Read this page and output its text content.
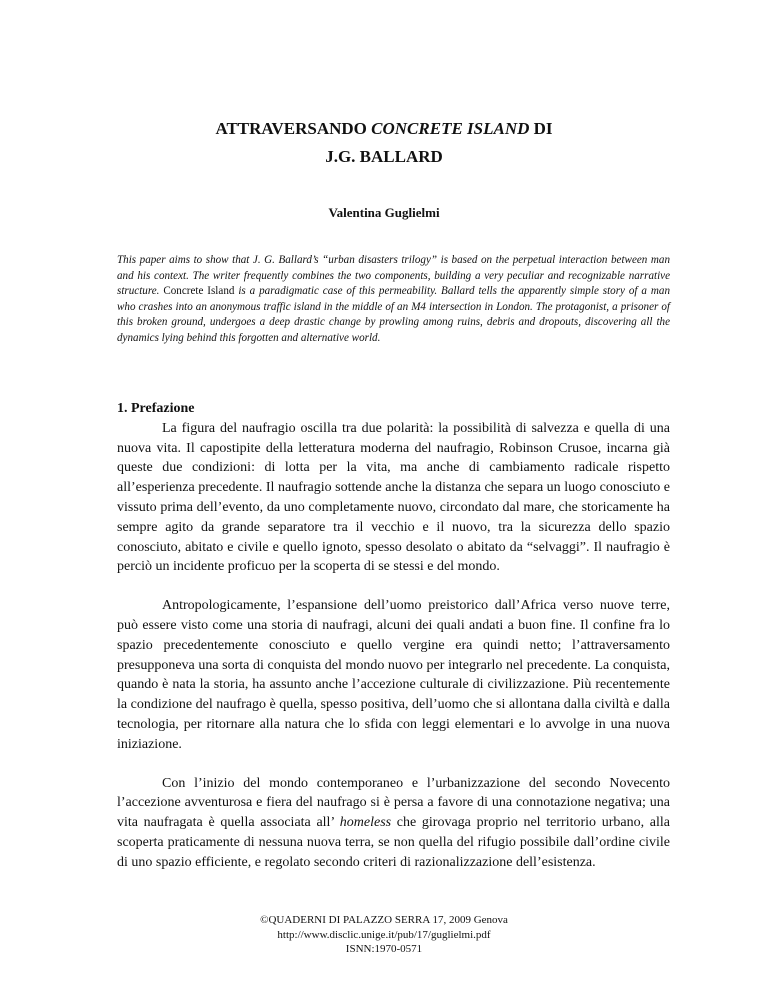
ATTRAVERSANDO CONCRETE ISLAND DI
J.G. BALLARD
Valentina Guglielmi
This paper aims to show that J. G. Ballard’s “urban disasters trilogy” is based on the perpetual interaction between man and his context. The writer frequently combines the two components, building a very peculiar and recognizable narrative structure. Concrete Island is a paradigmatic case of this permeability. Ballard tells the apparently simple story of a man who crashes into an anonymous traffic island in the middle of an M4 intersection in London. The protagonist, a prisoner of this broken ground, undergoes a deep drastic change by prowling among ruins, debris and dropouts, discovering all the dynamics lying behind this forgotten and alternative world.

1. Prefazione

La figura del naufragio oscilla tra due polarità: la possibilità di salvezza e quella di una nuova vita. Il capostipite della letteratura moderna del naufragio, Robinson Crusoe, incarna già queste due condizioni: di lotta per la vita, ma anche di cambiamento radicale rispetto all’esperienza precedente. Il naufragio sottende anche la distanza che separa un luogo conosciuto e vissuto prima dell’evento, da uno completamente nuovo, circondato dal mare, che storicamente ha sempre agito da grande separatore tra il vecchio e il nuovo, tra la sicurezza dello spazio conosciuto, abitato e civile e quello ignoto, spesso desolato o abitato da “selvaggi”. Il naufragio è perciò un incidente proficuo per la scoperta di se stessi e del mondo.

Antropologicamente, l’espansione dell’uomo preistorico dall’Africa verso nuove terre, può essere visto come una storia di naufragi, alcuni dei quali andati a buon fine. Il confine fra lo spazio precedentemente conosciuto e quello vergine era quindi netto; l’attraversamento presupponeva una sorta di conquista del mondo nuovo per integrarlo nel precedente. La conquista, quando è nata la storia, ha assunto anche l’accezione culturale di civilizzazione. Più recentemente la condizione del naufrago è quella, spesso positiva, dell’uomo che si allontana dalla civiltà e dalla tecnologia, per ritornare alla natura che lo sfida con leggi elementari e lo avvolge in una nuova iniziazione.

Con l’inizio del mondo contemporaneo e l’urbanizzazione del secondo Novecento l’accezione avventurosa e fiera del naufrago si è persa a favore di una connotazione negativa; una vita naufragata è quella associata all’ homeless che girovaga proprio nel territorio urbano, alla scoperta praticamente di nessuna nuova terra, se non quella del rifugio possibile dall’ordine civile di uno spazio efficiente, e regolato secondo criteri di razionalizzazione dell’esistenza.

©QUADERNI DI PALAZZO SERRA 17, 2009 Genova
http://www.disclic.unige.it/pub/17/guglielmi.pdf
ISNN:1970-0571
